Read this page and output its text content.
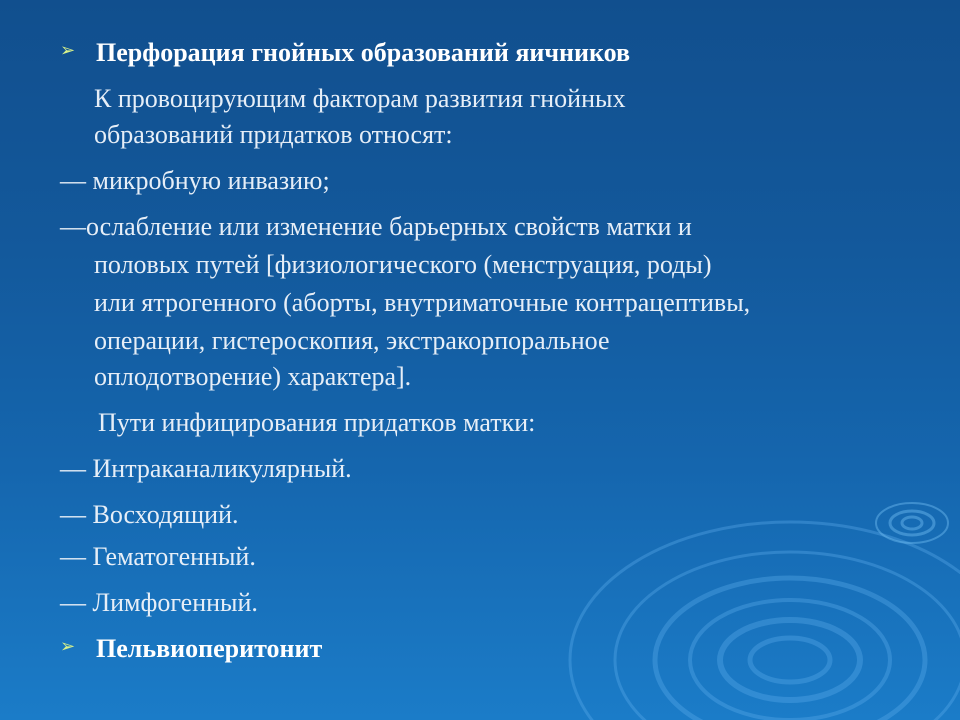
➢ Перфорация гнойных образований яичников
К провоцирующим факторам развития гнойных
образований придатков относят:
— микробную инвазию;
—ослабление или изменение барьерных свойств матки и
половых путей [физиологического (менструация, роды)
или ятрогенного (аборты, внутриматочные контрацептивы,
операции, гистероскопия, экстракорпоральное
оплодотворение) характера].
Пути инфицирования придатков матки:
— Интраканаликулярный.
— Восходящий.
— Гематогенный.
— Лимфогенный.
➢ Пельвиоперитонит
